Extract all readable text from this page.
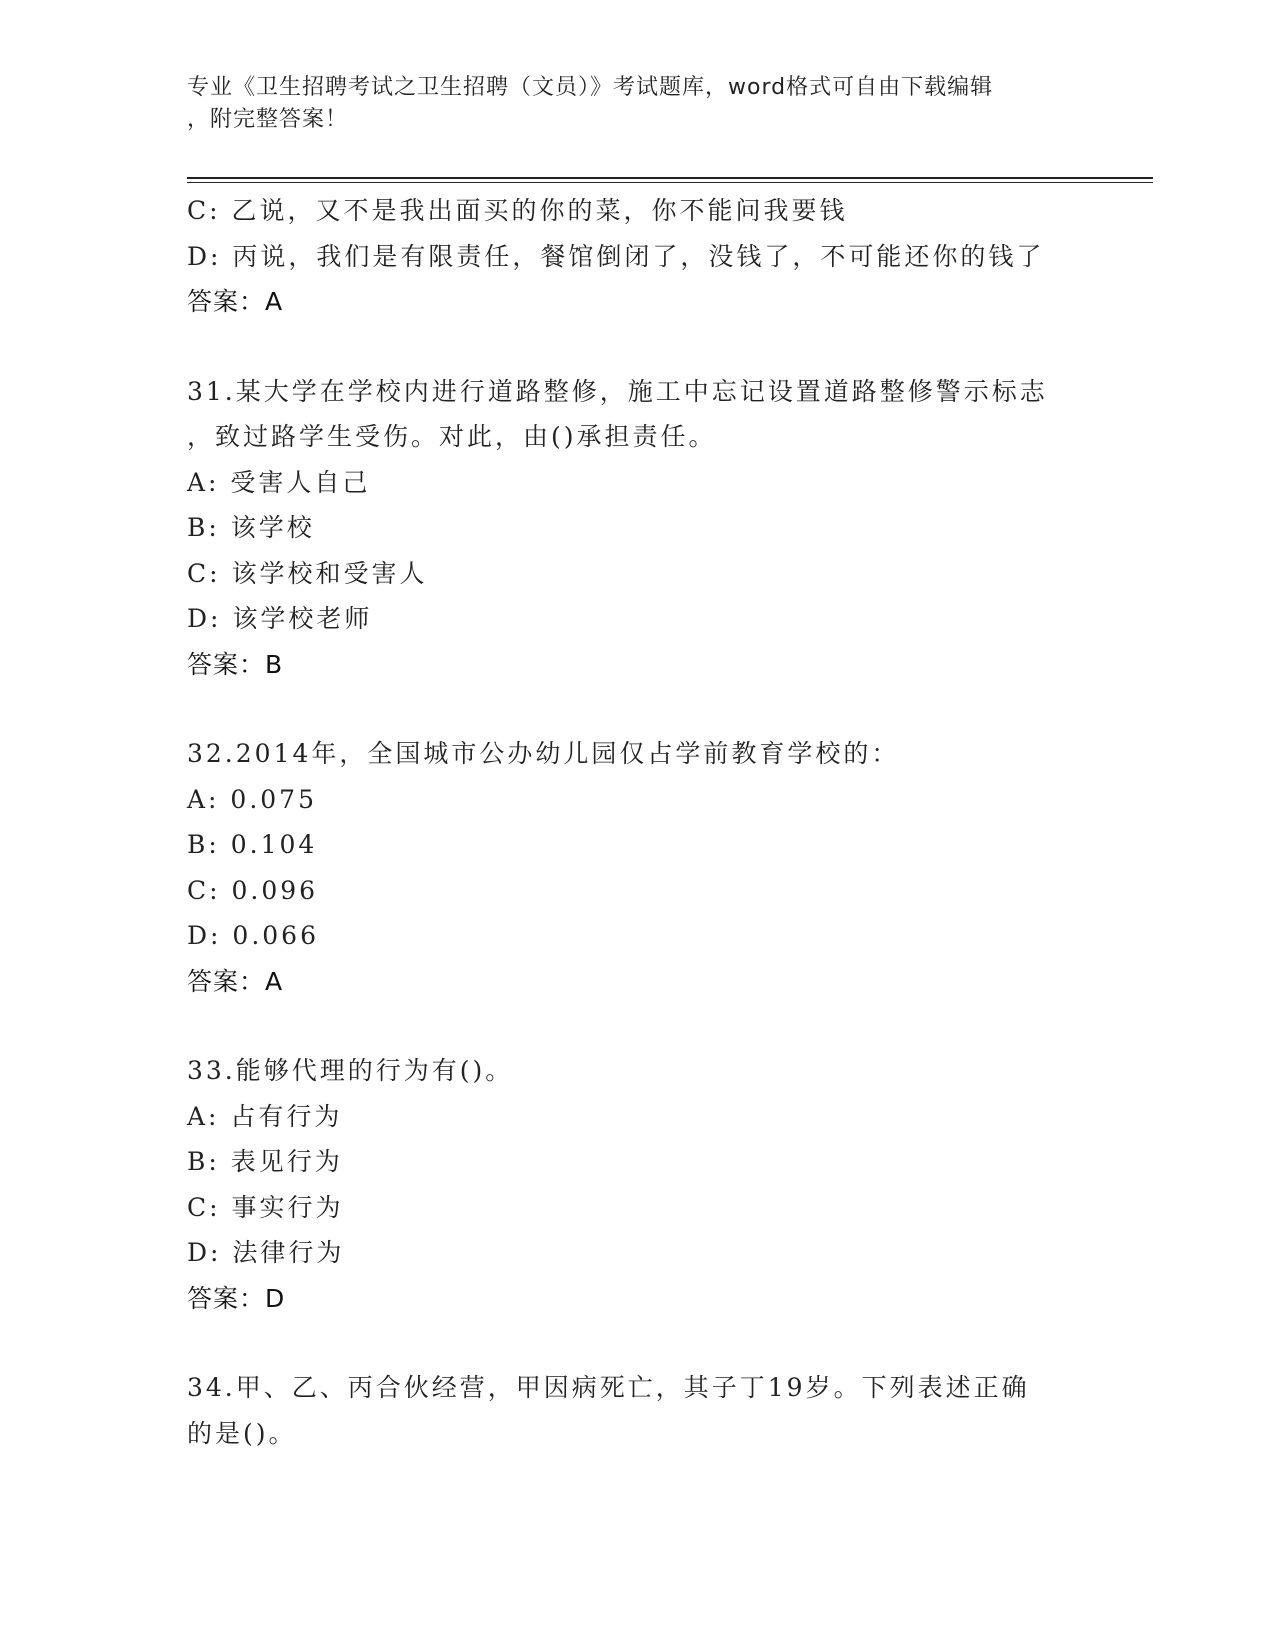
专业《卫生招聘考试之卫生招聘（文员）》考试题库，word格式可自由下载编辑
，附完整答案！
C: 乙说，又不是我出面买的你的菜，你不能问我要钱
D: 丙说，我们是有限责任，餐馆倒闭了，没钱了，不可能还你的钱了
答案：A
31.某大学在学校内进行道路整修，施工中忘记设置道路整修警示标志
，致过路学生受伤。对此，由()承担责任。
A: 受害人自己
B: 该学校
C: 该学校和受害人
D: 该学校老师
答案：B
32.2014年，全国城市公办幼儿园仅占学前教育学校的：
A: 0.075
B: 0.104
C: 0.096
D: 0.066
答案：A
33.能够代理的行为有()。
A: 占有行为
B: 表见行为
C: 事实行为
D: 法律行为
答案：D
34.甲、乙、丙合伙经营，甲因病死亡，其子丁19岁。下列表述正确
的是()。
